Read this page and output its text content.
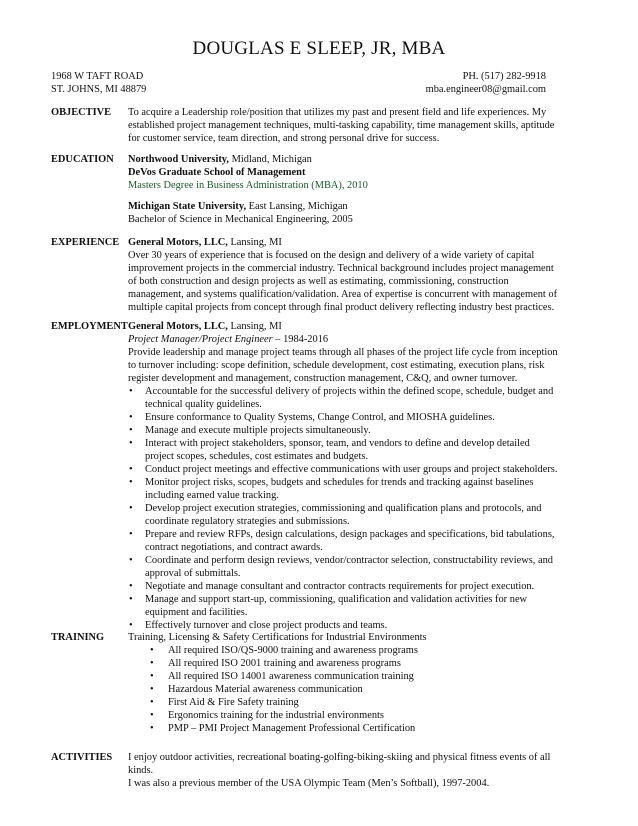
DOUGLAS E SLEEP, JR, MBA
1968 W TAFT ROAD	PH. (517) 282-9918
ST. JOHNS, MI 48879	mba.engineer08@gmail.com
OBJECTIVE To acquire a Leadership role/position that utilizes my past and present field and life experiences. My established project management techniques, multi-tasking capability, time management skills, aptitude for customer service, team direction, and strong personal drive for success.

EDUCATION Northwood University, Midland, Michigan

DeVos Graduate School of Management

Masters Degree in Business Administration (MBA), 2010

Michigan State University, East Lansing, Michigan

Bachelor of Science in Mechanical Engineering, 2005

EXPERIENCE General Motors, LLC, Lansing, MI

Over 30 years of experience that is focused on the design and delivery of a wide variety of capital improvement projects in the commercial industry. Technical background includes project management of both construction and design projects as well as estimating, commissioning, construction management, and systems qualification/validation. Area of expertise is concurrent with management of multiple capital projects from concept through final product delivery reflecting industry best practices.

EMPLOYMENT General Motors, LLC, Lansing, MI

Project Manager/Project Engineer – 1984-2016

Provide leadership and manage project teams through all phases of the project life cycle from inception to turnover including: scope definition, schedule development, cost estimating, execution plans, risk register development and management, construction management, C&Q, and owner turnover.

• Accountable for the successful delivery of projects within the defined scope, schedule, budget and technical quality guidelines.
• Ensure conformance to Quality Systems, Change Control, and MIOSHA guidelines.
• Manage and execute multiple projects simultaneously.
• Interact with project stakeholders, sponsor, team, and vendors to define and develop detailed project scopes, schedules, cost estimates and budgets.
• Conduct project meetings and effective communications with user groups and project stakeholders.
• Monitor project risks, scopes, budgets and schedules for trends and tracking against baselines including earned value tracking.
• Develop project execution strategies, commissioning and qualification plans and protocols, and coordinate regulatory strategies and submissions.
• Prepare and review RFPs, design calculations, design packages and specifications, bid tabulations, contract negotiations, and contract awards.
• Coordinate and perform design reviews, vendor/contractor selection, constructability reviews, and approval of submittals.
• Negotiate and manage consultant and contractor contracts requirements for project execution.
• Manage and support start-up, commissioning, qualification and validation activities for new equipment and facilities.
• Effectively turnover and close project products and teams.
TRAINING Training, Licensing & Safety Certifications for Industrial Environments

• All required ISO/QS-9000 training and awareness programs
• All required ISO 2001 training and awareness programs
• All required ISO 14001 awareness communication training
• Hazardous Material awareness communication
• First Aid & Fire Safety training
• Ergonomics training for the industrial environments
• PMP – PMI Project Management Professional Certification
ACTIVITIES I enjoy outdoor activities, recreational boating-golfing-biking-skiing and physical fitness events of all kinds.

I was also a previous member of the USA Olympic Team (Men’s Softball), 1997-2004.
